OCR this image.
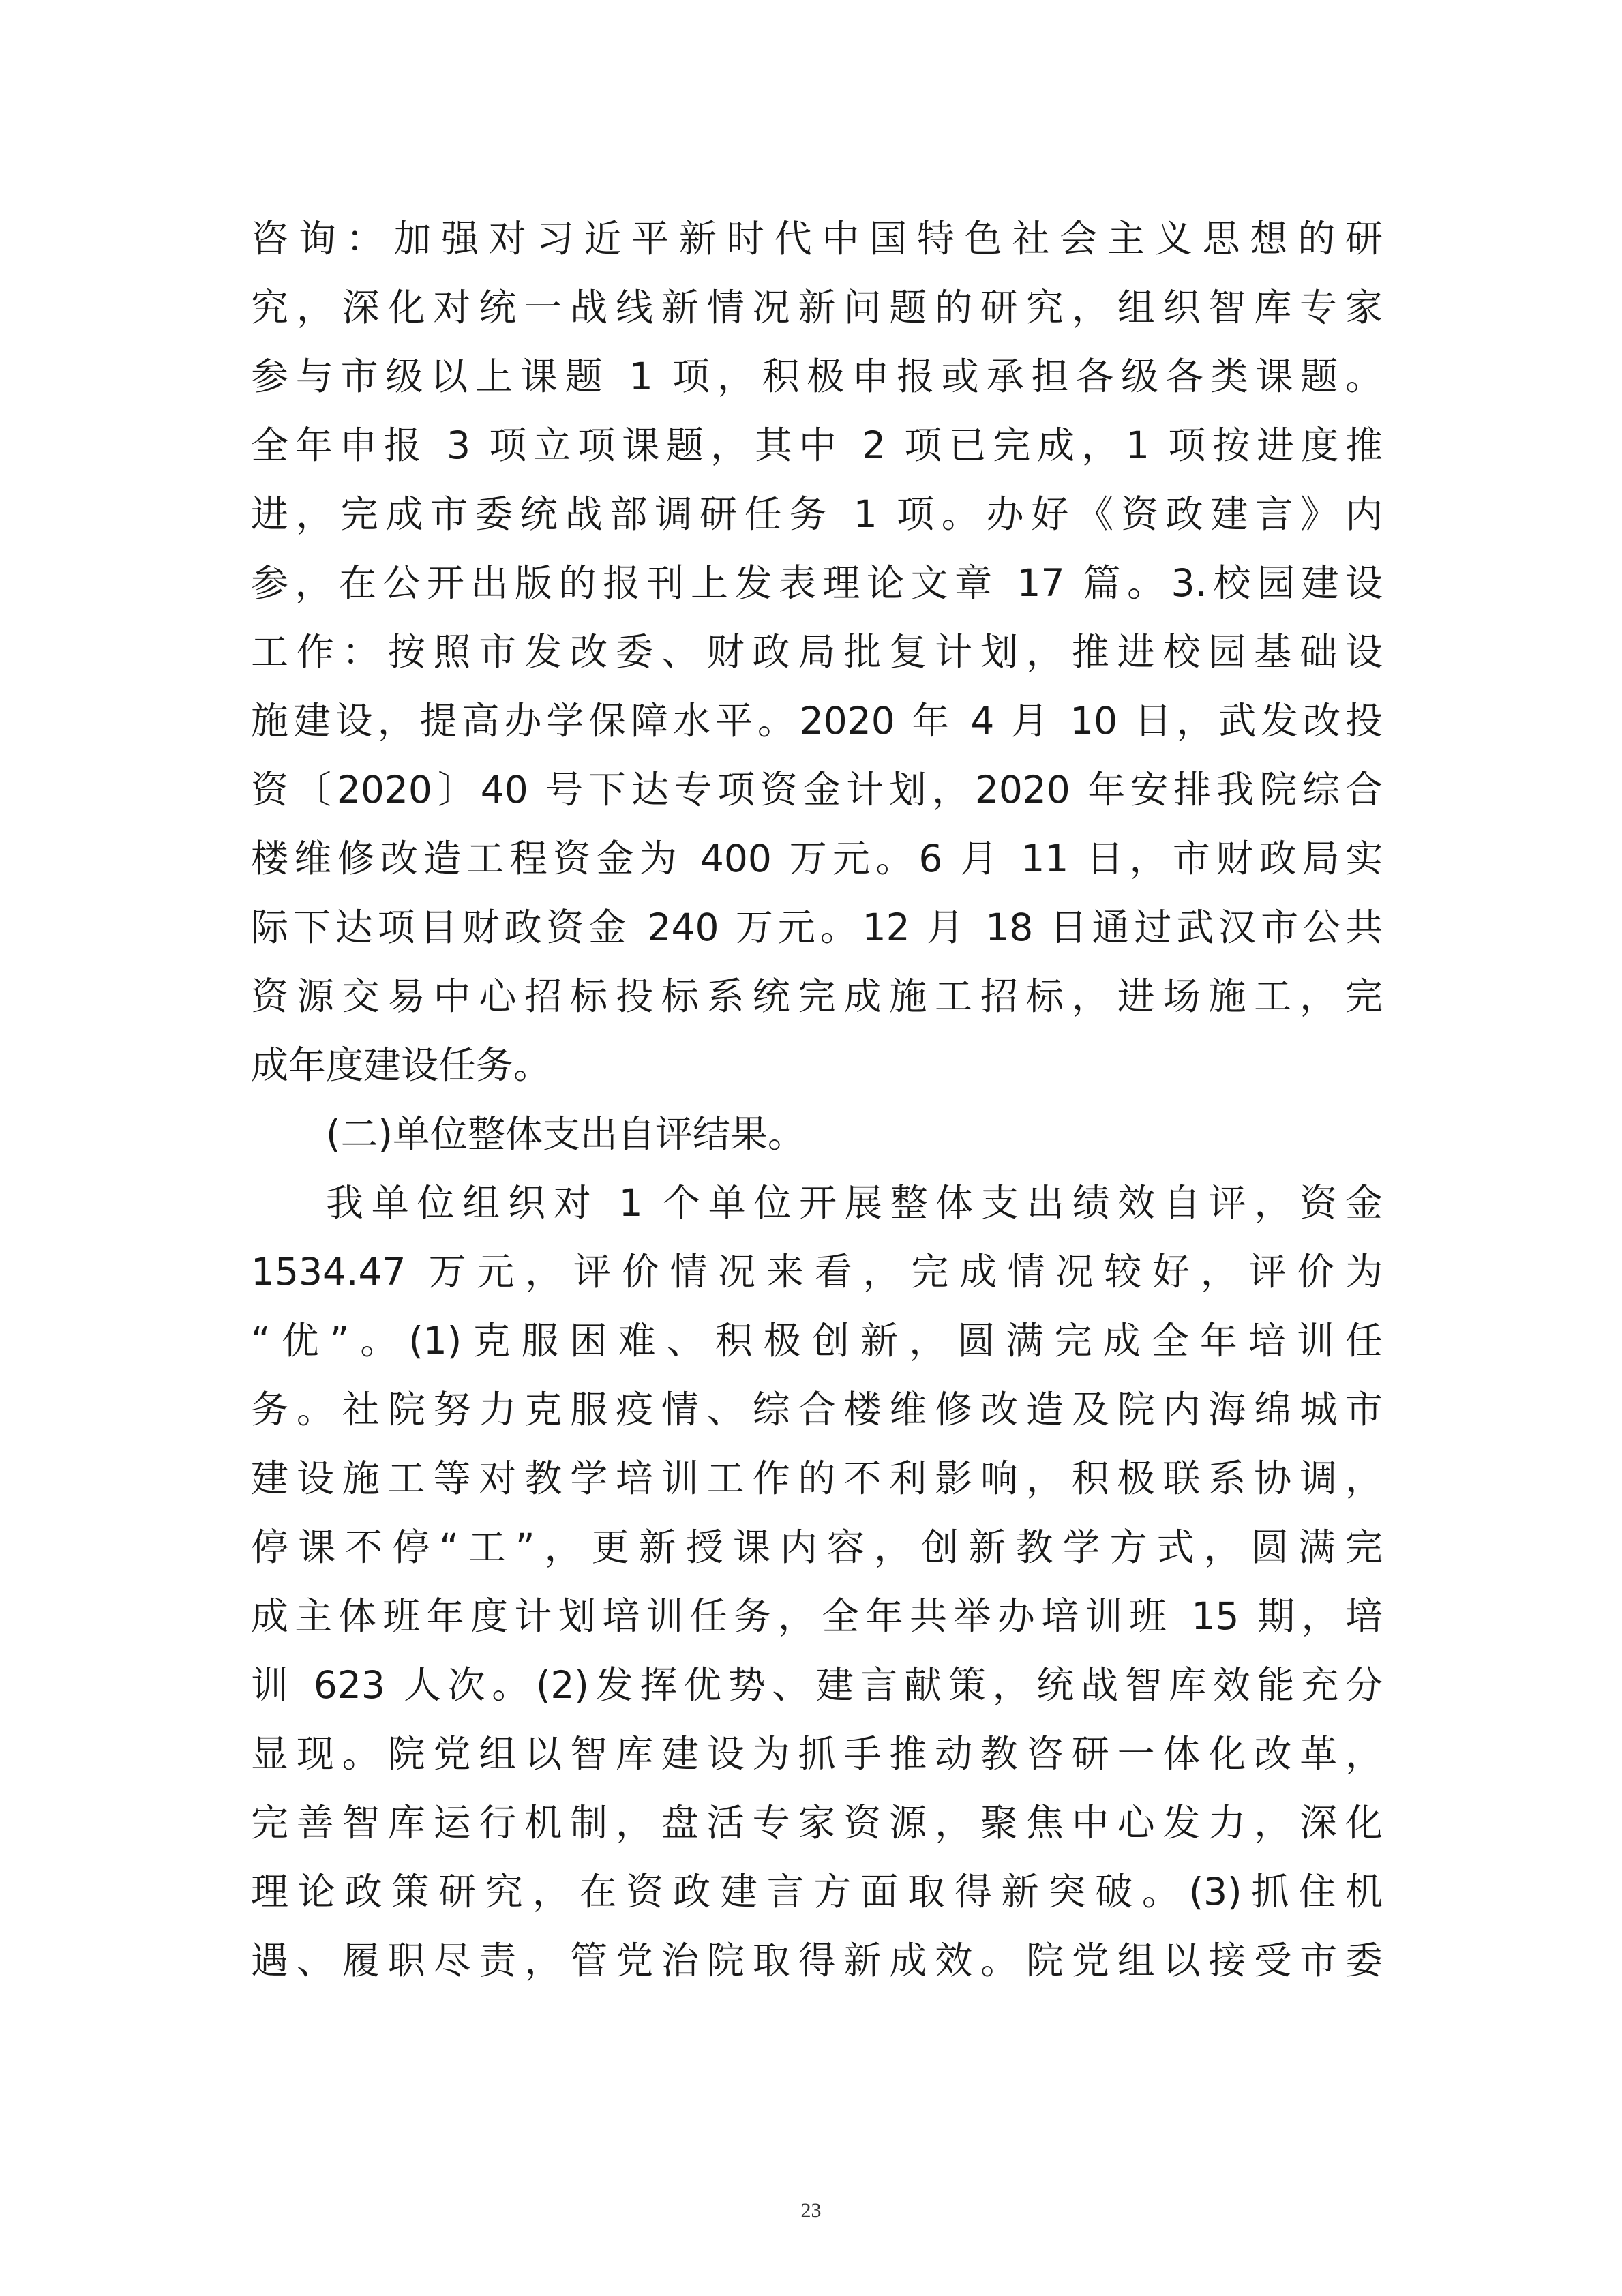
咨询：加强对习近平新时代中国特色社会主义思想的研
究，深化对统一战线新情况新问题的研究，组织智库专家
参与市级以上课题 1 项，积极申报或承担各级各类课题。
全年申报 3 项立项课题，其中 2 项已完成，1 项按进度推
进，完成市委统战部调研任务 1 项。办好《资政建言》内
参，在公开出版的报刊上发表理论文章 17 篇。3.校园建设
工作：按照市发改委、财政局批复计划，推进校园基础设
施建设，提高办学保障水平。2020 年 4 月 10 日，武发改投
资〔2020〕40 号下达专项资金计划，2020 年安排我院综合
楼维修改造工程资金为 400 万元。6 月 11 日，市财政局实
际下达项目财政资金 240 万元。12 月 18 日通过武汉市公共
资源交易中心招标投标系统完成施工招标，进场施工，完
成年度建设任务。
(二)单位整体支出自评结果。
我单位组织对 1 个单位开展整体支出绩效自评，资金
1534.47 万元，评价情况来看，完成情况较好，评价为
“优”。(1)克服困难、积极创新，圆满完成全年培训任
务。社院努力克服疫情、综合楼维修改造及院内海绵城市
建设施工等对教学培训工作的不利影响，积极联系协调，
停课不停“工”，更新授课内容，创新教学方式，圆满完
成主体班年度计划培训任务，全年共举办培训班 15 期，培
训 623 人次。(2)发挥优势、建言献策，统战智库效能充分
显现。院党组以智库建设为抓手推动教咨研一体化改革，
完善智库运行机制，盘活专家资源，聚焦中心发力，深化
理论政策研究，在资政建言方面取得新突破。(3)抓住机
遇、履职尽责，管党治院取得新成效。院党组以接受市委
23
